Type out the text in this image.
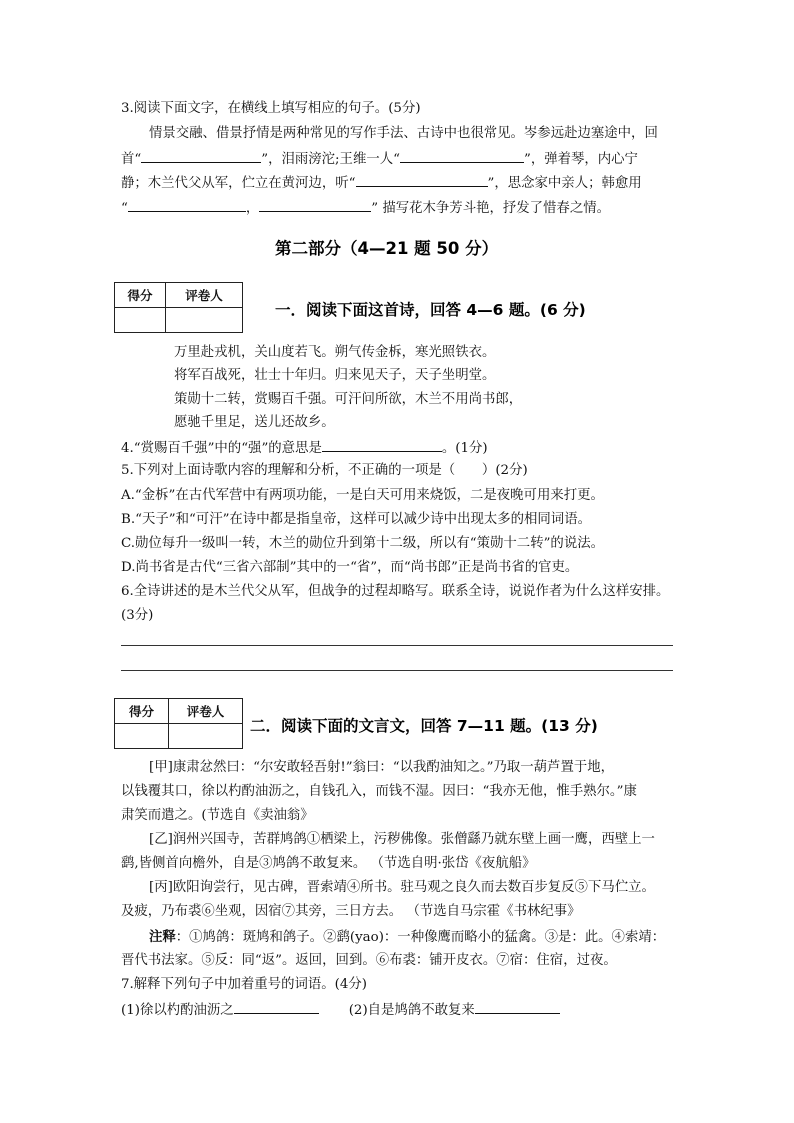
3.阅读下面文字，在横线上填写相应的句子。(5分)
情景交融、借景抒情是两种常见的写作手法、古诗中也很常见。岑参远赴边塞途中，回
首“	”，泪雨滂沱;王维一人“	”，弹着琴，内心宁
静；木兰代父从军，伫立在黄河边，听“	”，思念家中亲人；韩愈用
“	，	” 描写花木争芳斗艳，抒发了惜春之情。
第二部分（4—21 题 50 分）
得分	评卷人

一．阅读下面这首诗，回答 4—6 题。(6 分)
万里赴戎机，关山度若飞。朔气传金柝，寒光照铁衣。
将军百战死，壮士十年归。归来见天子，天子坐明堂。
策勋十二转，赏赐百千强。可汗问所欲，木兰不用尚书郎，
愿驰千里足，送儿还故乡。
4.“赏赐百千强”中的“强”的意思是	。(1分)
5.下列对上面诗歌内容的理解和分析，不正确的一项是（　　）(2分)
A.“金柝”在古代军营中有两项功能，一是白天可用来烧饭，二是夜晚可用来打更。
B.“天子”和“可汗”在诗中都是指皇帝，这样可以减少诗中出现太多的相同词语。
C.勋位每升一级叫一转，木兰的勋位升到第十二级，所以有“策勋十二转”的说法。
D.尚书省是古代“三省六部制”其中的一“省”，而“尚书郎”正是尚书省的官吏。
6.全诗讲述的是木兰代父从军，但战争的过程却略写。联系全诗，说说作者为什么这样安排。
(3分)
得分	评卷人

二．阅读下面的文言文，回答 7—11 题。(13 分)
[甲]康肃忿然曰：“尔安敢轻吾射!”翁曰：“以我酌油知之。”乃取一葫芦置于地，
以钱覆其口，徐以杓酌油沥之，自钱孔入，而钱不湿。因曰：“我亦无他，惟手熟尔。”康
肃笑而遣之。(节选自《卖油翁》
[乙]润州兴国寺，苦群鸠鸽①栖梁上，污秽佛像。张僧繇乃就东壁上画一鹰，西壁上一
鹞,皆侧首向檐外，自是③鸠鸽不敢复来。 （节选自明·张岱《夜航船》
[丙]欧阳询尝行，见古碑，晋索靖④所书。驻马观之良久而去数百步复反⑤下马伫立。
及疲，乃布裘⑥坐观，因宿⑦其旁，三日方去。 （节选自马宗霍《书林纪事》
注释：①鸠鸽：斑鸠和鸽子。②鹞(yao)：一种像鹰而略小的猛禽。③是：此。④索靖：
晋代书法家。⑤反：同“返”。返回，回到。⑥布裘：铺开皮衣。⑦宿：住宿，过夜。
7.解释下列句子中加着重号的词语。(4分)
(1)徐以杓酌油沥之	(2)自是鸠鸽不敢复来
